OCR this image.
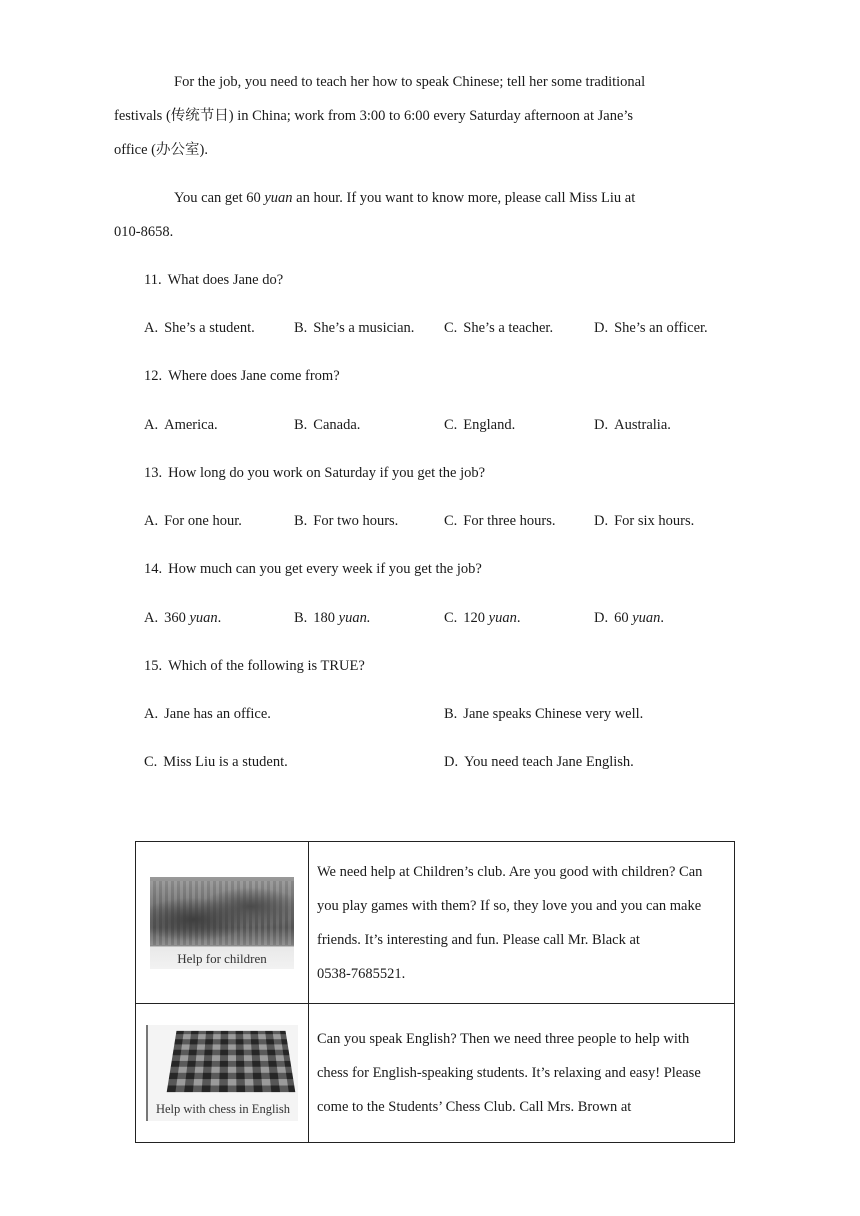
For the job, you need to teach her how to speak Chinese; tell her some traditional
festivals (传统节日) in China; work from 3:00 to 6:00 every Saturday afternoon at Jane’s
office (办公室).

You can get 60 yuan an hour. If you want to know more, please call Miss Liu at
010-8658.

11. What does Jane do?
A. She’s a student.	B. She’s a musician. C. She’s a teacher.	D. She’s an officer.
12. Where does Jane come from?
A. America.	B. Canada.	C. England.	D. Australia.
13. How long do you work on Saturday if you get the job?
A. For one hour.	B. For two hours.	C. For three hours.	D. For six hours.
14. How much can you get every week if you get the job?
A. 360 yuan.	B. 180 yuan.	C. 120 yuan.	D. 60 yuan.
15. Which of the following is TRUE?
A. Jane has an office.	B. Jane speaks Chinese very well.
C. Miss Liu is a student.	D. You need teach Jane English.
Help for children	We need help at Children’s club. Are you good with children? Can
you play games with them? If so, they love you and you can make
friends. It’s interesting and fun. Please call Mr. Black at
0538-7685521.

Help with chess in English	Can you speak English? Then we need three people to help with
chess for English-speaking students. It’s relaxing and easy! Please
come to the Students’ Chess Club. Call Mrs. Brown at
